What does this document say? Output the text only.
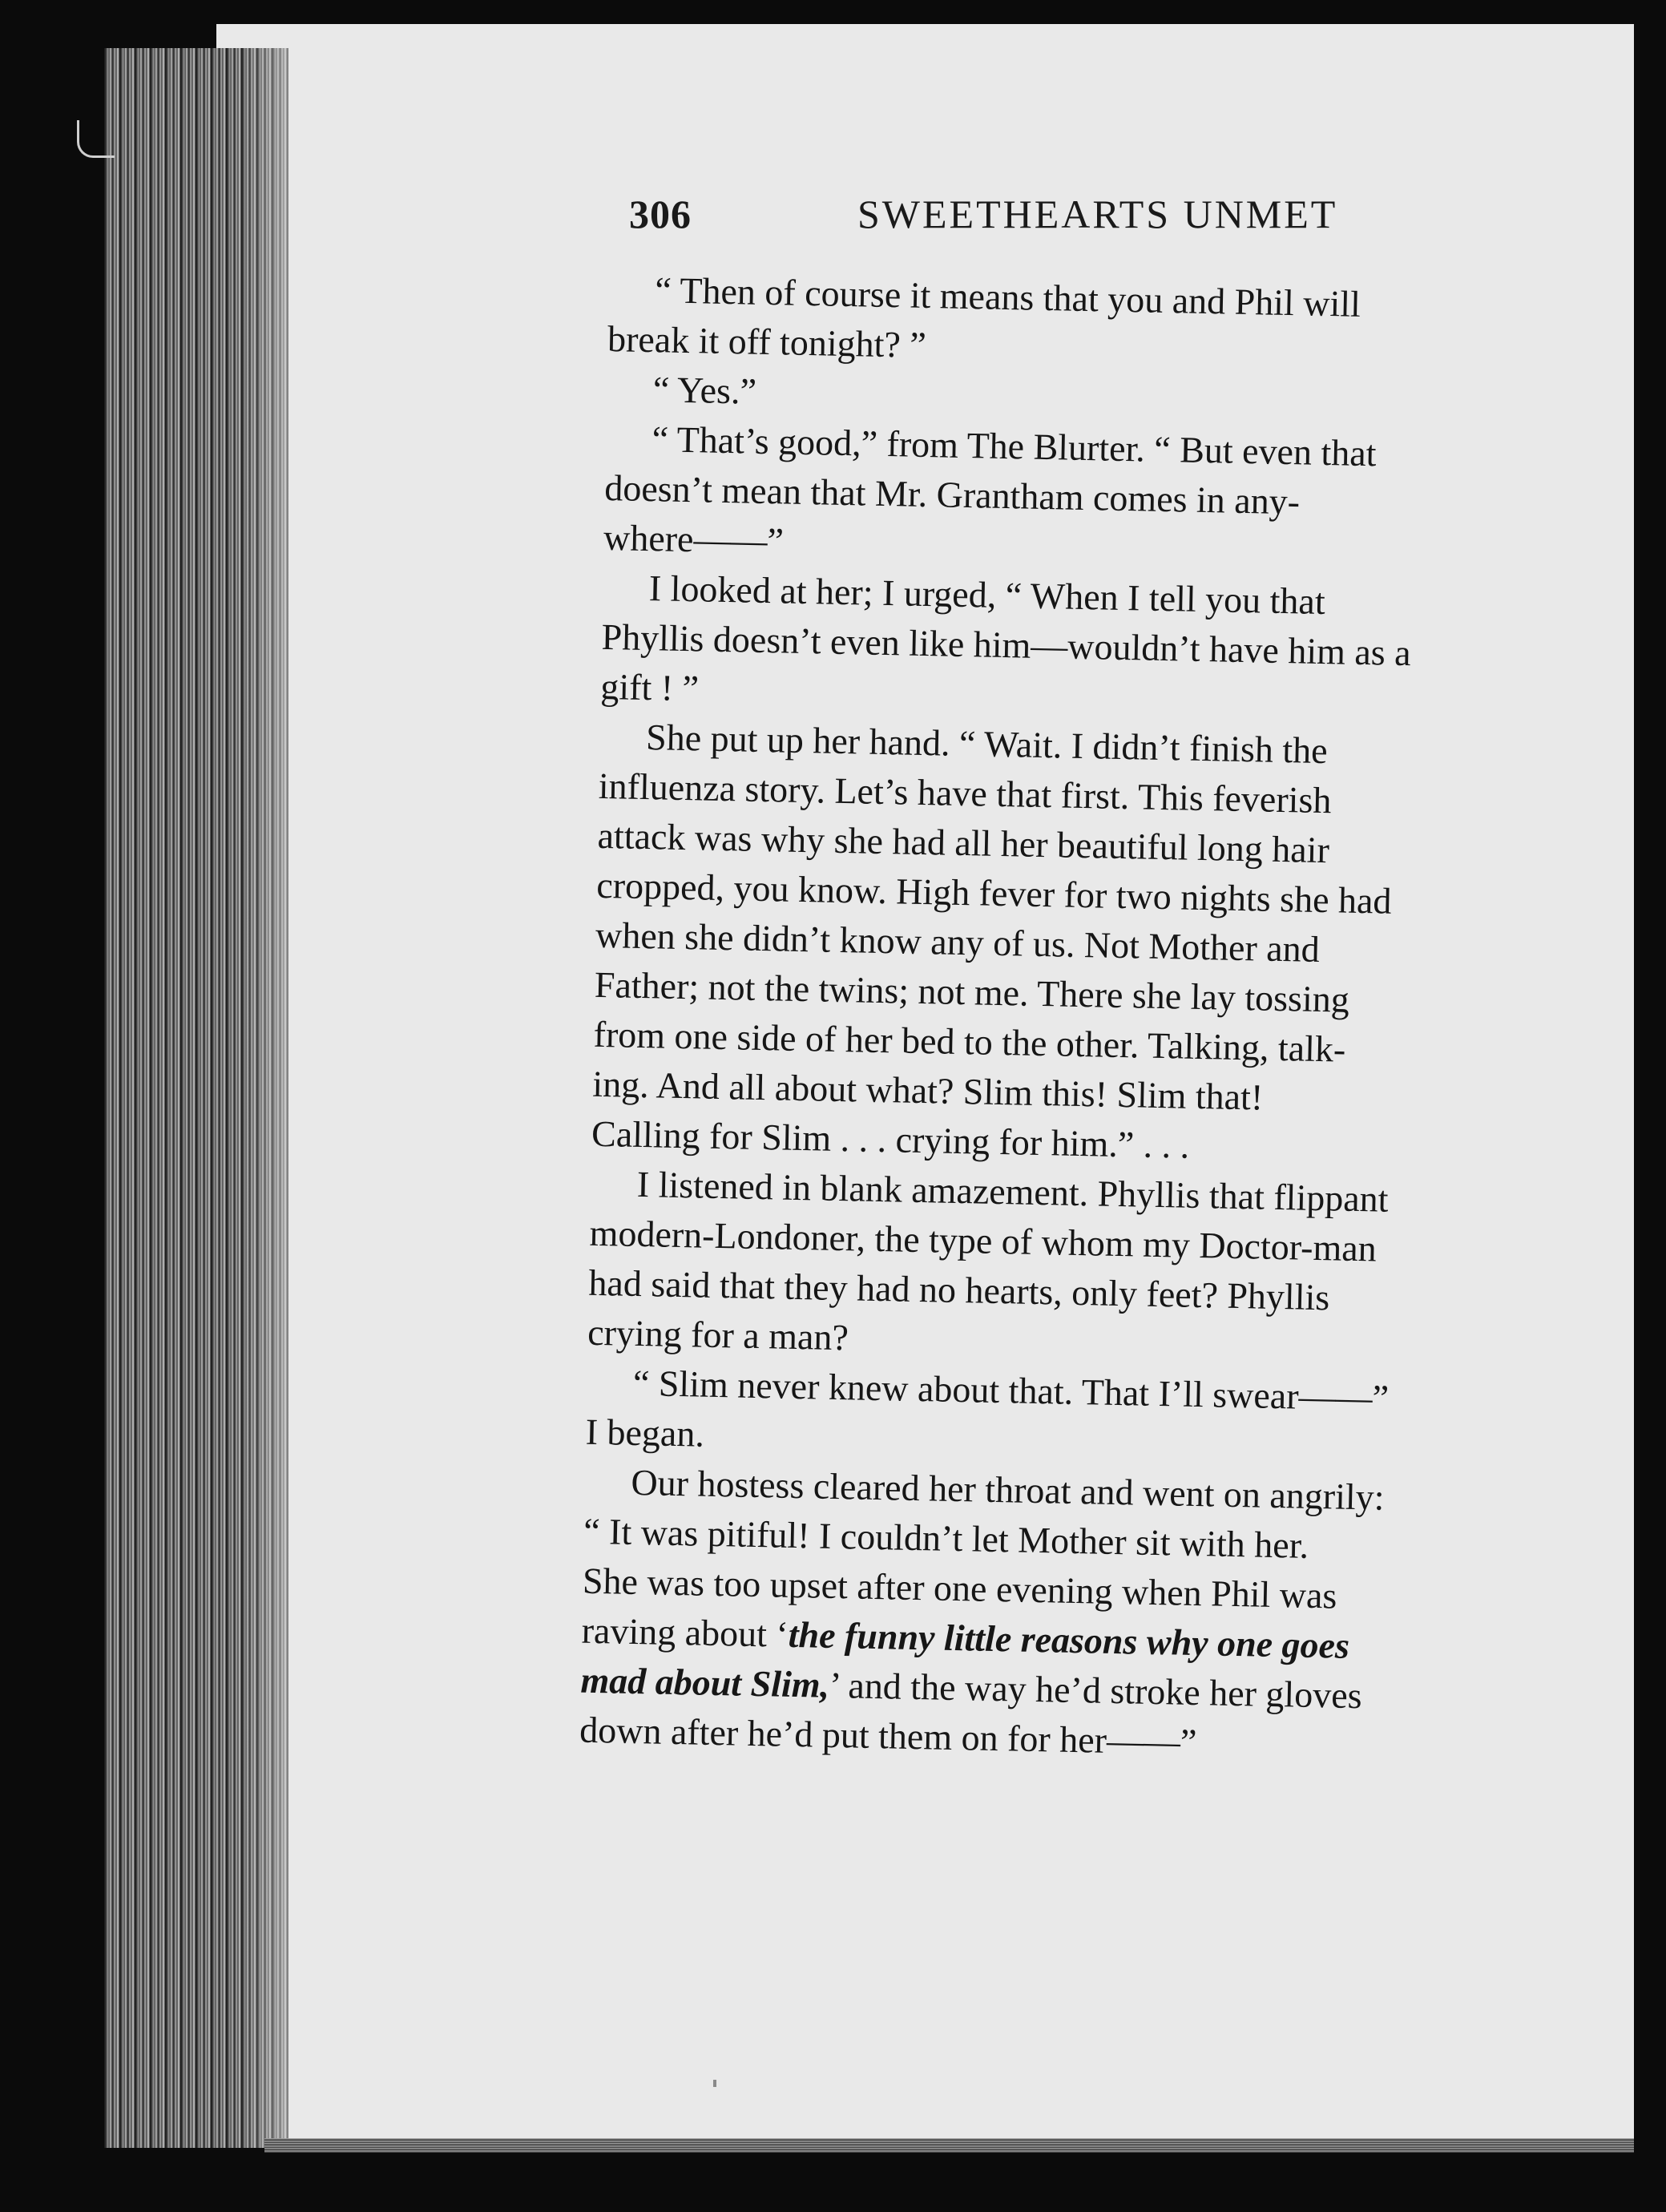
306	SWEETHEARTS UNMET
“ Then of course it means that you and Phil will
break it off tonight? ”
“ Yes.”
“ That’s good,” from The Blurter. “ But even that
doesn’t mean that Mr. Grantham comes in any-
where——”
I looked at her; I urged, “ When I tell you that
Phyllis doesn’t even like him—wouldn’t have him as a
gift ! ”
She put up her hand. “ Wait. I didn’t finish the
influenza story. Let’s have that first. This feverish
attack was why she had all her beautiful long hair
cropped, you know. High fever for two nights she had
when she didn’t know any of us. Not Mother and
Father; not the twins; not me. There she lay tossing
from one side of her bed to the other. Talking, talk-
ing. And all about what? Slim this! Slim that!
Calling for Slim . . . crying for him.” . . .
I listened in blank amazement. Phyllis that flippant
modern-Londoner, the type of whom my Doctor-man
had said that they had no hearts, only feet? Phyllis
crying for a man?
“ Slim never knew about that. That I’ll swear——”
I began.
Our hostess cleared her throat and went on angrily:
“ It was pitiful! I couldn’t let Mother sit with her.
She was too upset after one evening when Phil was
raving about ‘the funny little reasons why one goes
mad about Slim,’ and the way he’d stroke her gloves
down after he’d put them on for her——”
